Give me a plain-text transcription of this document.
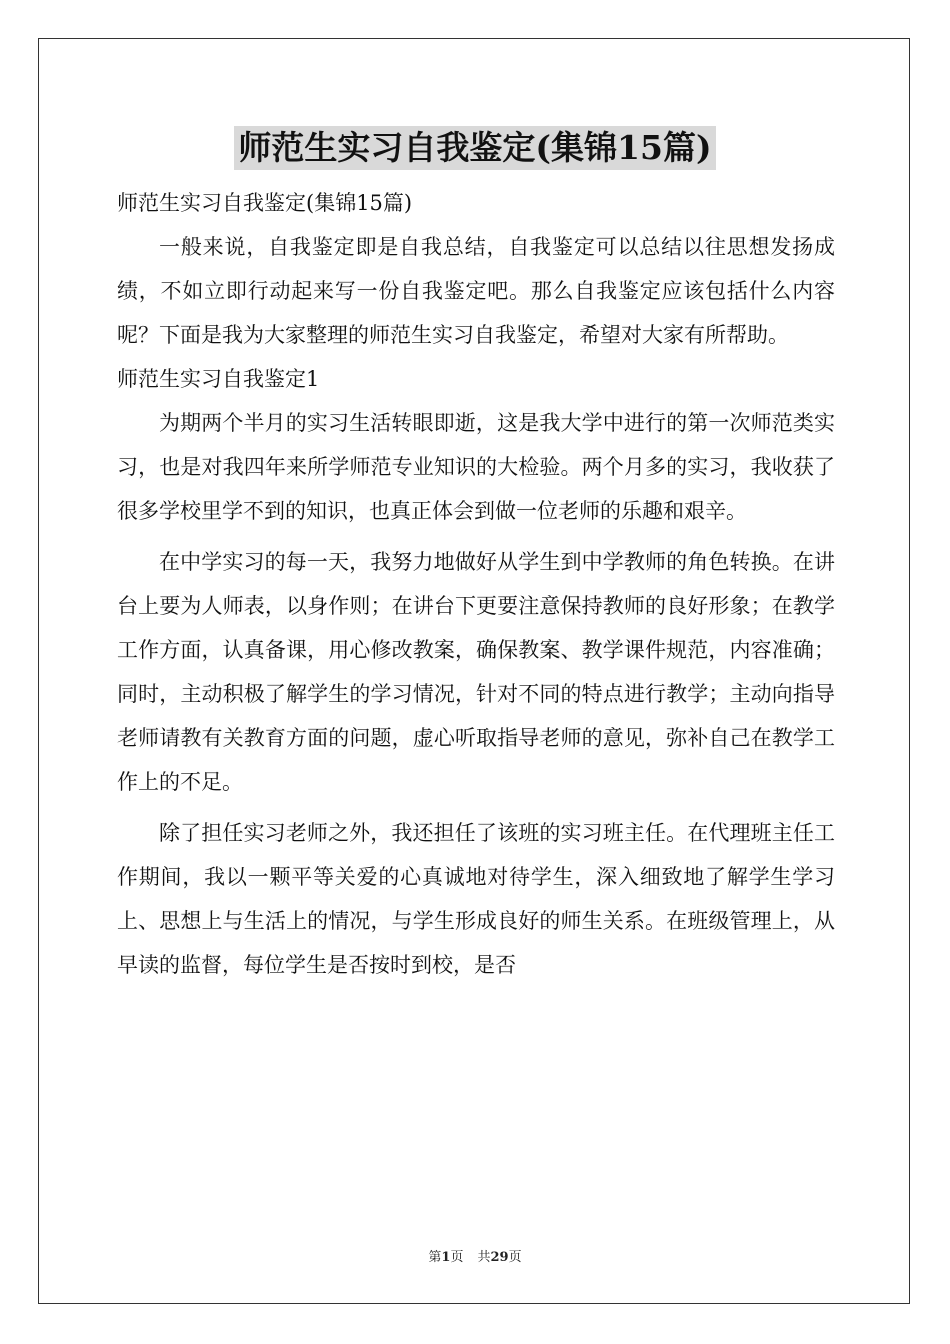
师范生实习自我鉴定(集锦15篇)

师范生实习自我鉴定(集锦15篇)

一般来说，自我鉴定即是自我总结，自我鉴定可以总结以往思想发扬成绩，不如立即行动起来写一份自我鉴定吧。那么自我鉴定应该包括什么内容呢？下面是我为大家整理的师范生实习自我鉴定，希望对大家有所帮助。

师范生实习自我鉴定1

为期两个半月的实习生活转眼即逝，这是我大学中进行的第一次师范类实习，也是对我四年来所学师范专业知识的大检验。两个月多的实习，我收获了很多学校里学不到的知识，也真正体会到做一位老师的乐趣和艰辛。

在中学实习的每一天，我努力地做好从学生到中学教师的角色转换。在讲台上要为人师表，以身作则；在讲台下更要注意保持教师的良好形象；在教学工作方面，认真备课，用心修改教案，确保教案、教学课件规范，内容准确；同时，主动积极了解学生的学习情况，针对不同的特点进行教学；主动向指导老师请教有关教育方面的问题，虚心听取指导老师的意见，弥补自己在教学工作上的不足。

除了担任实习老师之外，我还担任了该班的实习班主任。在代理班主任工作期间，我以一颗平等关爱的心真诚地对待学生，深入细致地了解学生学习上、思想上与生活上的情况，与学生形成良好的师生关系。在班级管理上，从早读的监督，每位学生是否按时到校，是否

第1页 共29页
